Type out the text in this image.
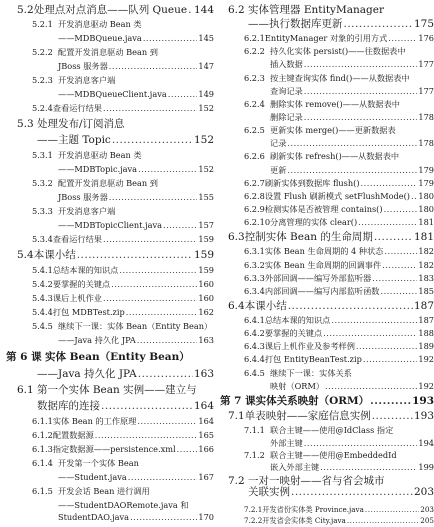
5.2 处理点对点消息——队列 Queue ..... 144
5.2.1 开发消息驱动 Bean 类
——MDBQueue.java .....	145
5.2.2 配置开发消息驱动 Bean 到
JBoss 服务器 .....	147
5.2.3 开发消息客户端
——MDBQueueClient.java .....	149
5.2.4 查看运行结果 .....	152
5.3 处理发布/订阅消息
——主题 Topic .....	152
5.3.1 开发消息驱动 Bean 类
——MDBTopic.java .....	152
5.3.2 配置开发消息驱动 Bean 到
JBoss 服务器 .....	155
5.3.3 开发消息客户端
——MDBTopicClient.java .....	157
5.3.4 查看运行结果 .....	159
5.4 本课小结 .....	159
5.4.1 总结本课的知识点 .....	159
5.4.2 要掌握的关键点 .....	160
5.4.3 课后上机作业 .....	160
5.4.4 打包 MDBTest.zip .....	162
5.4.5 继续下一课：实体 Bean（Entity Bean）
——Java 持久化 JPA .....	163
第 6 课 实体 Bean（Entity Bean）
——Java 持久化 JPA .....	163
6.1 第一个实体 Bean 实例——建立与
数据库的连接 .....	164
6.1.1 实体 Bean 的工作原理 .....	164
6.1.2 配置数据源 .....	165
6.1.3 指定数据源——persistence.xml .....	166
6.1.4 开发第一个实体 Bean
——Student.java .....	167
6.1.5 开发会话 Bean 进行调用
——StudentDAORemote.java 和
StudentDAO.java .....	170
6.2 实体管理器 EntityManager
——执行数据库更新 .....	175
6.2.1 EntityManager 对象的引用方式 .....	176
6.2.2 持久化实体 persist()——往数据表中
插入数据 .....	177
6.2.3 按主键查询实体 find()——从数据表中
查询记录 .....	177
6.2.4 删除实体 remove()——从数据表中
删除记录 .....	178
6.2.5 更新实体 merge()——更新数据表
记录 .....	178
6.2.6 刷新实体 refresh()——从数据表中
更新 .....	179
6.2.7 刷新实体到数据库 flush() .....	179
6.2.8 设置 Flush 刷新模式 setFlushMode() ..... 180
6.2.9 检测实体是否被管理 contains() .....	180
6.2.10 分离管理的实体 clear() .....	181
6.3 控制实体 Bean 的生命周期 .....	181
6.3.1 实体 Bean 生命周期的 4 种状态 .....	182
6.3.2 实体 Bean 生命周期的回调事件 .....	182
6.3.3 外部回调——编写外部监听器 .....	183
6.3.4 内部回调——编写内部监听函数 .....	185
6.4 本课小结 .....	187
6.4.1 总结本课的知识点 .....	187
6.4.2 要掌握的关键点 .....	188
6.4.3 课后上机作业及参考样例 .....	189
6.4.4 打包 EntityBeanTest.zip .....	192
6.4.5 继续下一课：实体关系
映射（ORM） .....	192
第 7 课 实体关系映射（ORM） .....	193
7.1 单表映射——家庭信息实例 .....	193
7.1.1 联合主键——使用@IdClass 指定
外部主键 .....	194
7.1.2 联合主键——使用@EmbeddedId
嵌入外部主键 .....	199
7.2 一对一映射——省与省会城市
关联实例 .....	203
7.2.1 开发省份实体类 Province.java .....	203
7.2.2 开发省会实体类 City.java .....	205
